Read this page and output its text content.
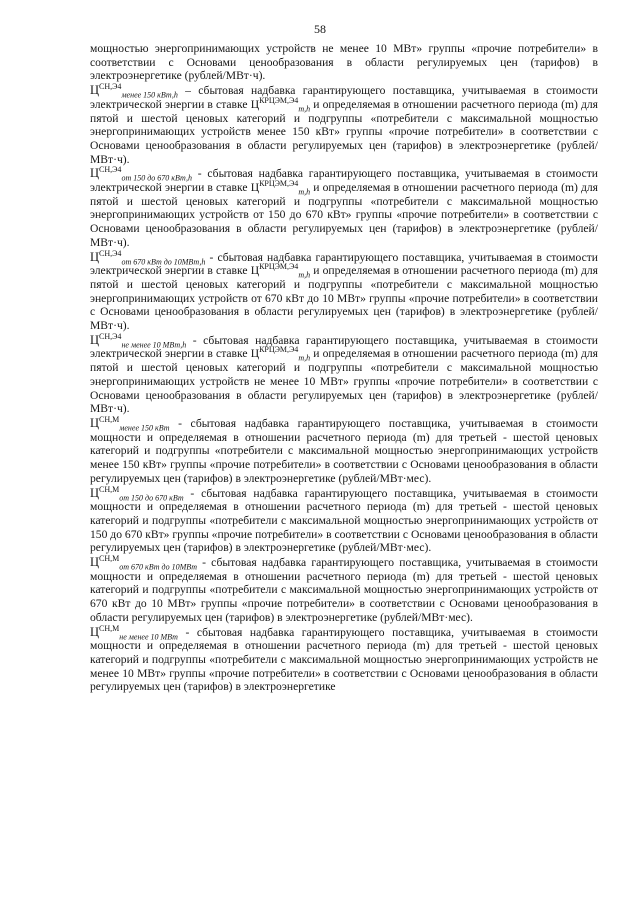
58

мощностью энергопринимающих устройств не менее 10 МВт» группы «прочие потребители» в соответствии с Основами ценообразования в области регулируемых цен (тарифов) в электроэнергетике (рублей/МВт·ч).

$Ц^{СН,Э4}_{менее 150 кВт,h}$ – сбытовая надбавка гарантирующего поставщика, учитываемая в стоимости электрической энергии в ставке $Ц^{КРЦЭМ,Э4}_{m,h}$ и определяемая в отношении расчетного периода (m) для пятой и шестой ценовых категорий и подгруппы «потребители с максимальной мощностью энергопринимающих устройств менее 150 кВт» группы «прочие потребители» в соответствии с Основами ценообразования в области регулируемых цен (тарифов) в электроэнергетике (рублей/МВт·ч).

$Ц^{СН,Э4}_{от 150 до 670 кВт,h}$ - сбытовая надбавка гарантирующего поставщика, учитываемая в стоимости электрической энергии в ставке $Ц^{КРЦЭМ,Э4}_{m,h}$ и определяемая в отношении расчетного периода (m) для пятой и шестой ценовых категорий и подгруппы «потребители с максимальной мощностью энергопринимающих устройств от 150 до 670 кВт» группы «прочие потребители» в соответствии с Основами ценообразования в области регулируемых цен (тарифов) в электроэнергетике (рублей/МВт·ч).

$Ц^{СН,Э4}_{от 670 кВт до 10МВт,h}$ - сбытовая надбавка гарантирующего поставщика, учитываемая в стоимости электрической энергии в ставке $Ц^{КРЦЭМ,Э4}_{m,h}$ и определяемая в отношении расчетного периода (m) для пятой и шестой ценовых категорий и подгруппы «потребители с максимальной мощностью энергопринимающих устройств от 670 кВт до 10 МВт» группы «прочие потребители» в соответствии с Основами ценообразования в области регулируемых цен (тарифов) в электроэнергетике (рублей/МВт·ч).

$Ц^{СН,Э4}_{не менее 10 МВт,h}$ - сбытовая надбавка гарантирующего поставщика, учитываемая в стоимости электрической энергии в ставке $Ц^{КРЦЭМ,Э4}_{m,h}$ и определяемая в отношении расчетного периода (m) для пятой и шестой ценовых категорий и подгруппы «потребители с максимальной мощностью энергопринимающих устройств не менее 10 МВт» группы «прочие потребители» в соответствии с Основами ценообразования в области регулируемых цен (тарифов) в электроэнергетике (рублей/МВт·ч).

$Ц^{СН,М}_{менее 150 кВт}$ - сбытовая надбавка гарантирующего поставщика, учитываемая в стоимости мощности и определяемая в отношении расчетного периода (m) для третьей - шестой ценовых категорий и подгруппы «потребители с максимальной мощностью энергопринимающих устройств менее 150 кВт» группы «прочие потребители» в соответствии с Основами ценообразования в области регулируемых цен (тарифов) в электроэнергетике (рублей/МВт·мес).

$Ц^{СН,М}_{от 150 до 670 кВт}$ - сбытовая надбавка гарантирующего поставщика, учитываемая в стоимости мощности и определяемая в отношении расчетного периода (m) для третьей - шестой ценовых категорий и подгруппы «потребители с максимальной мощностью энергопринимающих устройств от 150 до 670 кВт» группы «прочие потребители» в соответствии с Основами ценообразования в области регулируемых цен (тарифов) в электроэнергетике (рублей/МВт·мес).

$Ц^{СН,М}_{от 670 кВт до 10МВт}$ - сбытовая надбавка гарантирующего поставщика, учитываемая в стоимости мощности и определяемая в отношении расчетного периода (m) для третьей - шестой ценовых категорий и подгруппы «потребители с максимальной мощностью энергопринимающих устройств от 670 кВт до 10 МВт» группы «прочие потребители» в соответствии с Основами ценообразования в области регулируемых цен (тарифов) в электроэнергетике (рублей/МВт·мес).

$Ц^{СН,М}_{не менее 10 МВт}$ - сбытовая надбавка гарантирующего поставщика, учитываемая в стоимости мощности и определяемая в отношении расчетного периода (m) для третьей - шестой ценовых категорий и подгруппы «потребители с максимальной мощностью энергопринимающих устройств не менее 10 МВт» группы «прочие потребители» в соответствии с Основами ценообразования в области регулируемых цен (тарифов) в электроэнергетике
